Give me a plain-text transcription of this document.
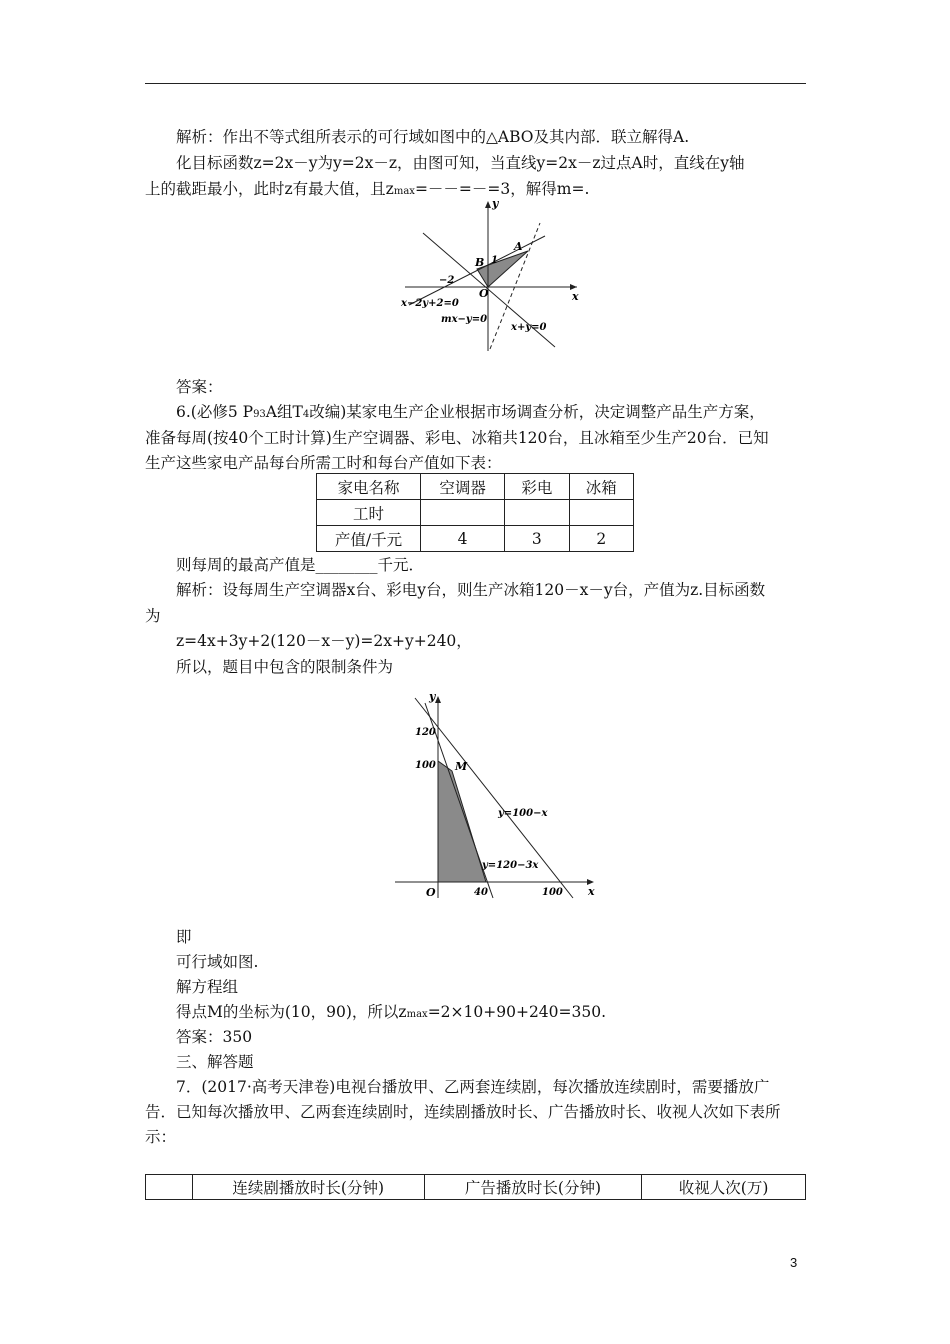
解析：作出不等式组所表示的可行域如图中的△ABO及其内部．联立解得A.
化目标函数z=2x－y为y=2x－z，由图可知，当直线y=2x－z过点A时，直线在y轴
上的截距最小，此时z有最大值，且zmax=－－=－=3，解得m=.
y
x
A
B
O
1
−2
x−2y+2=0
mx−y=0
x+y=0
答案：
6.(必修5 P93A组T4改编)某家电生产企业根据市场调查分析，决定调整产品生产方案，
准备每周(按40个工时计算)生产空调器、彩电、冰箱共120台，且冰箱至少生产20台．已知
生产这些家电产品每台所需工时和每台产值如下表：
家电名称	空调器	彩电	冰箱
工时			
产值/千元	4	3	2
则每周的最高产值是________千元．
解析：设每周生产空调器x台、彩电y台，则生产冰箱120－x－y台，产值为z.目标函数
为
z=4x+3y+2(120－x－y)=2x+y+240，
所以，题目中包含的限制条件为
y
x
O
M
120
100
40	100
y=100−x
y=120−3x
即
可行域如图.
解方程组
得点M的坐标为(10，90)，所以zmax=2×10+90+240=350.
答案：350
三、解答题
7．(2017·高考天津卷)电视台播放甲、乙两套连续剧，每次播放连续剧时，需要播放广
告．已知每次播放甲、乙两套连续剧时，连续剧播放时长、广告播放时长、收视人次如下表所
示：
	连续剧播放时长(分钟)	广告播放时长(分钟)	收视人次(万)
3
